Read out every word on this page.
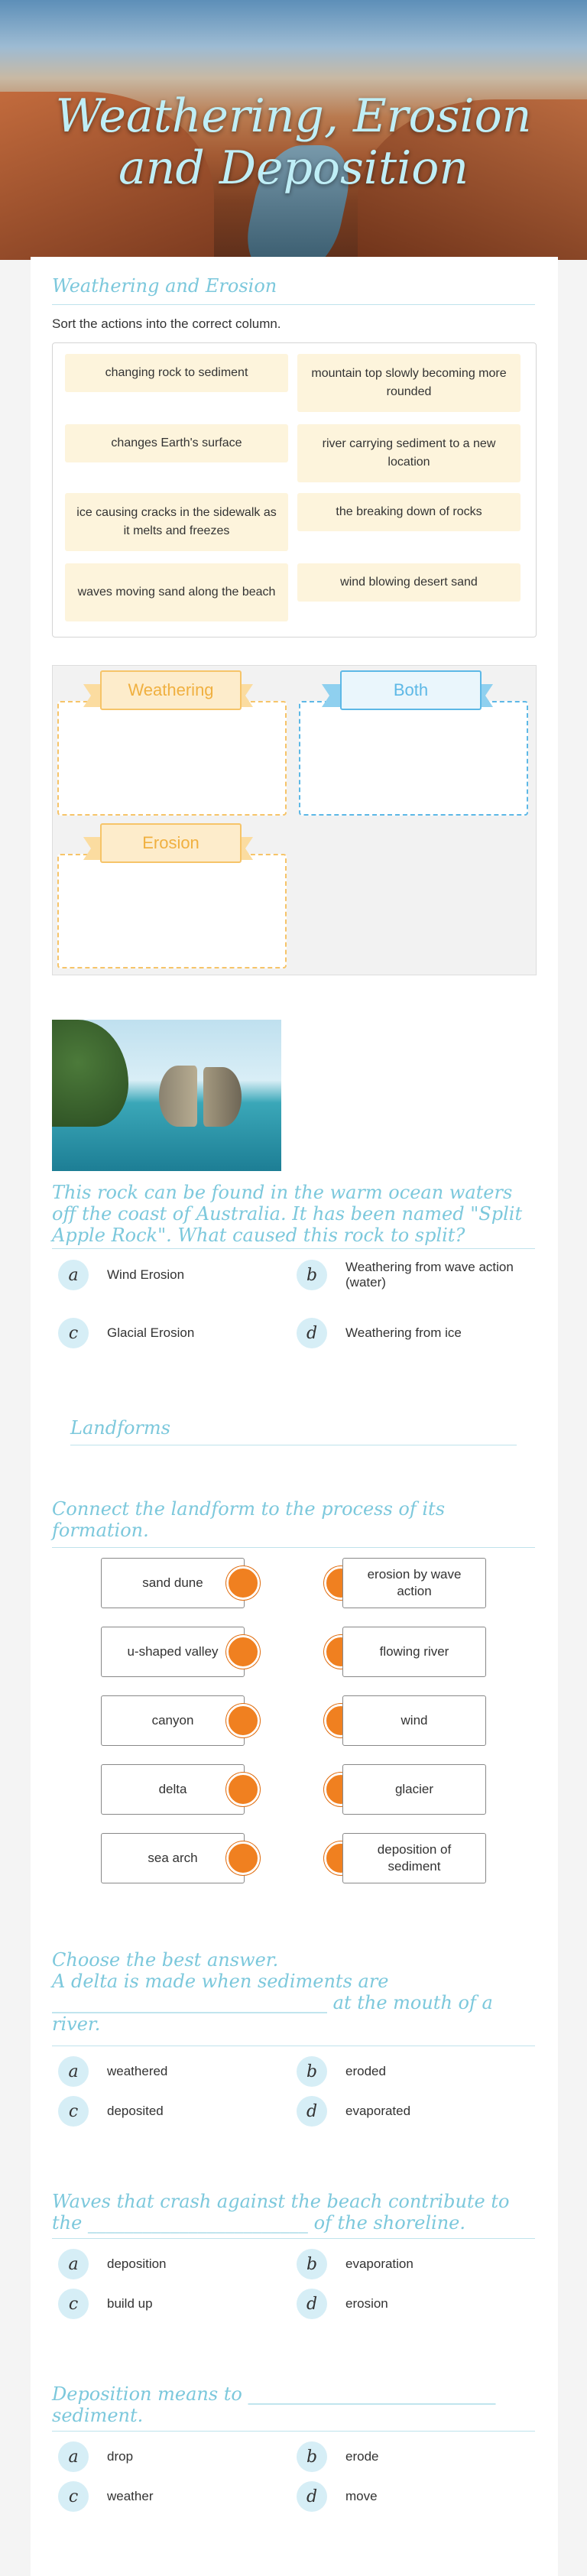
Weathering, Erosion
and Deposition
Weathering and Erosion
Sort the actions into the correct column.
changing rock to sediment	mountain top slowly becoming more rounded
changes Earth's surface	river carrying sediment to a new location
ice causing cracks in the sidewalk as it melts and freezes
the breaking down of rocks
waves moving sand along the beach
wind blowing desert sand
Weathering	Both
Erosion
This rock can be found in the warm ocean waters off the coast of Australia. It has been named "Split Apple Rock". What caused this rock to split?
a	Wind Erosion	b	Weathering from wave action (water)
c	Glacial Erosion	d	Weathering from ice
Landforms
Connect the landform to the process of its formation.
sand dune
u-shaped valley
canyon
delta
sea arch
erosion by wave action
flowing river
wind
glacier
deposition of sediment
Choose the best answer.
A delta is made when sediments are ______________________________ at the mouth of a river.
a	weathered	b	eroded
c	deposited	d	evaporated
Waves that crash against the beach contribute to the ________________________ of the shoreline.
a	deposition	b	evaporation
c	build up	d	erosion
Deposition means to ___________________________ sediment.
a	drop	b	erode
c	weather	d	move
